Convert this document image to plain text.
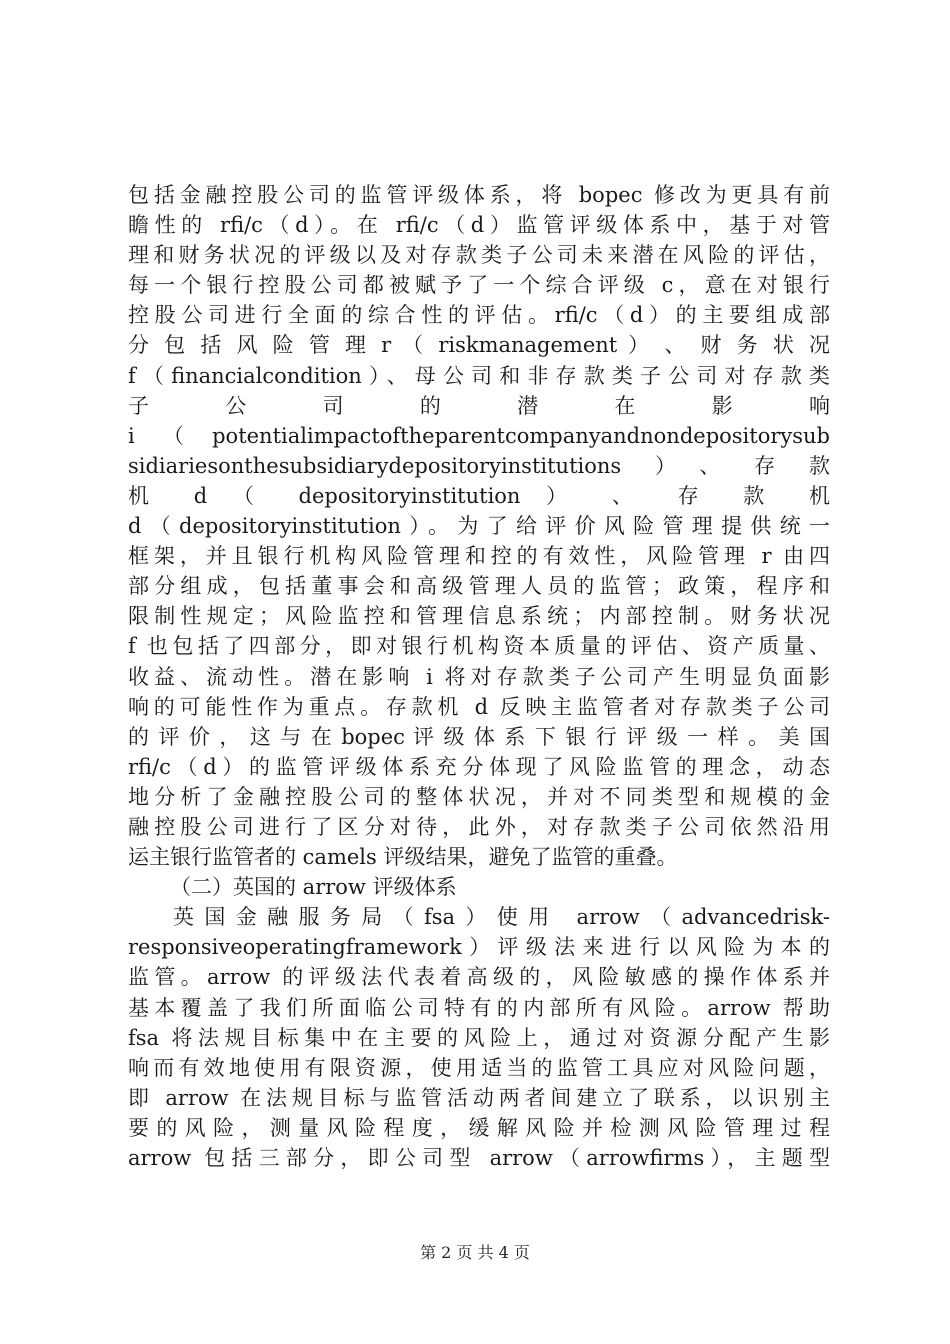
包括金融控股公司的监管评级体系，将 bopec 修改为更具有前
瞻性的 rfi/c（d）。在 rfi/c（d）监管评级体系中，基于对管
理和财务状况的评级以及对存款类子公司未来潜在风险的评估，
每一个银行控股公司都被赋予了一个综合评级 c，意在对银行
控股公司进行全面的综合性的评估。rfi/c（d）的主要组成部
分 包 括 风 险 管 理 r （ riskmanagement ） 、 财 务 状 况
f（financialcondition）、母公司和非存款类子公司对存款类
子 公 司 的 潜 在 影 响
i（potentialimpactoftheparentcompanyandnondepositorysub
sidiariesonthesubsidiarydepositoryinstitutions）、存款
机 d （ depositoryinstitution ） 、 存 款 机
d（depositoryinstitution）。为了给评价风险管理提供统一
框架，并且银行机构风险管理和控的有效性，风险管理 r 由四
部分组成，包括董事会和高级管理人员的监管；政策，程序和
限制性规定；风险监控和管理信息系统；内部控制。财务状况
f 也包括了四部分，即对银行机构资本质量的评估、资产质量、
收益、流动性。潜在影响 i 将对存款类子公司产生明显负面影
响的可能性作为重点。存款机 d 反映主监管者对存款类子公司
的 评 价 ， 这 与 在 bopec 评 级 体 系 下 银 行 评 级 一 样 。 美 国
rfi/c（d）的监管评级体系充分体现了风险监管的理念，动态
地分析了金融控股公司的整体状况，并对不同类型和规模的金
融控股公司进行了区分对待，此外，对存款类子公司依然沿用
运主银行监管者的 camels 评级结果，避免了监管的重叠。
（二）英国的 arrow 评级体系
英国金融服务局（fsa）使用 arrow（advancedrisk-
responsiveoperatingframework）评级法来进行以风险为本的
监管。arrow 的评级法代表着高级的，风险敏感的操作体系并
基本覆盖了我们所面临公司特有的内部所有风险。arrow 帮助
fsa 将法规目标集中在主要的风险上，通过对资源分配产生影
响而有效地使用有限资源，使用适当的监管工具应对风险问题，
即 arrow 在法规目标与监管活动两者间建立了联系，以识别主
要的风险，测量风险程度，缓解风险并检测风险管理过程
arrow 包括三部分，即公司型 arrow（arrowfirms），主题型
第 2 页 共 4 页
